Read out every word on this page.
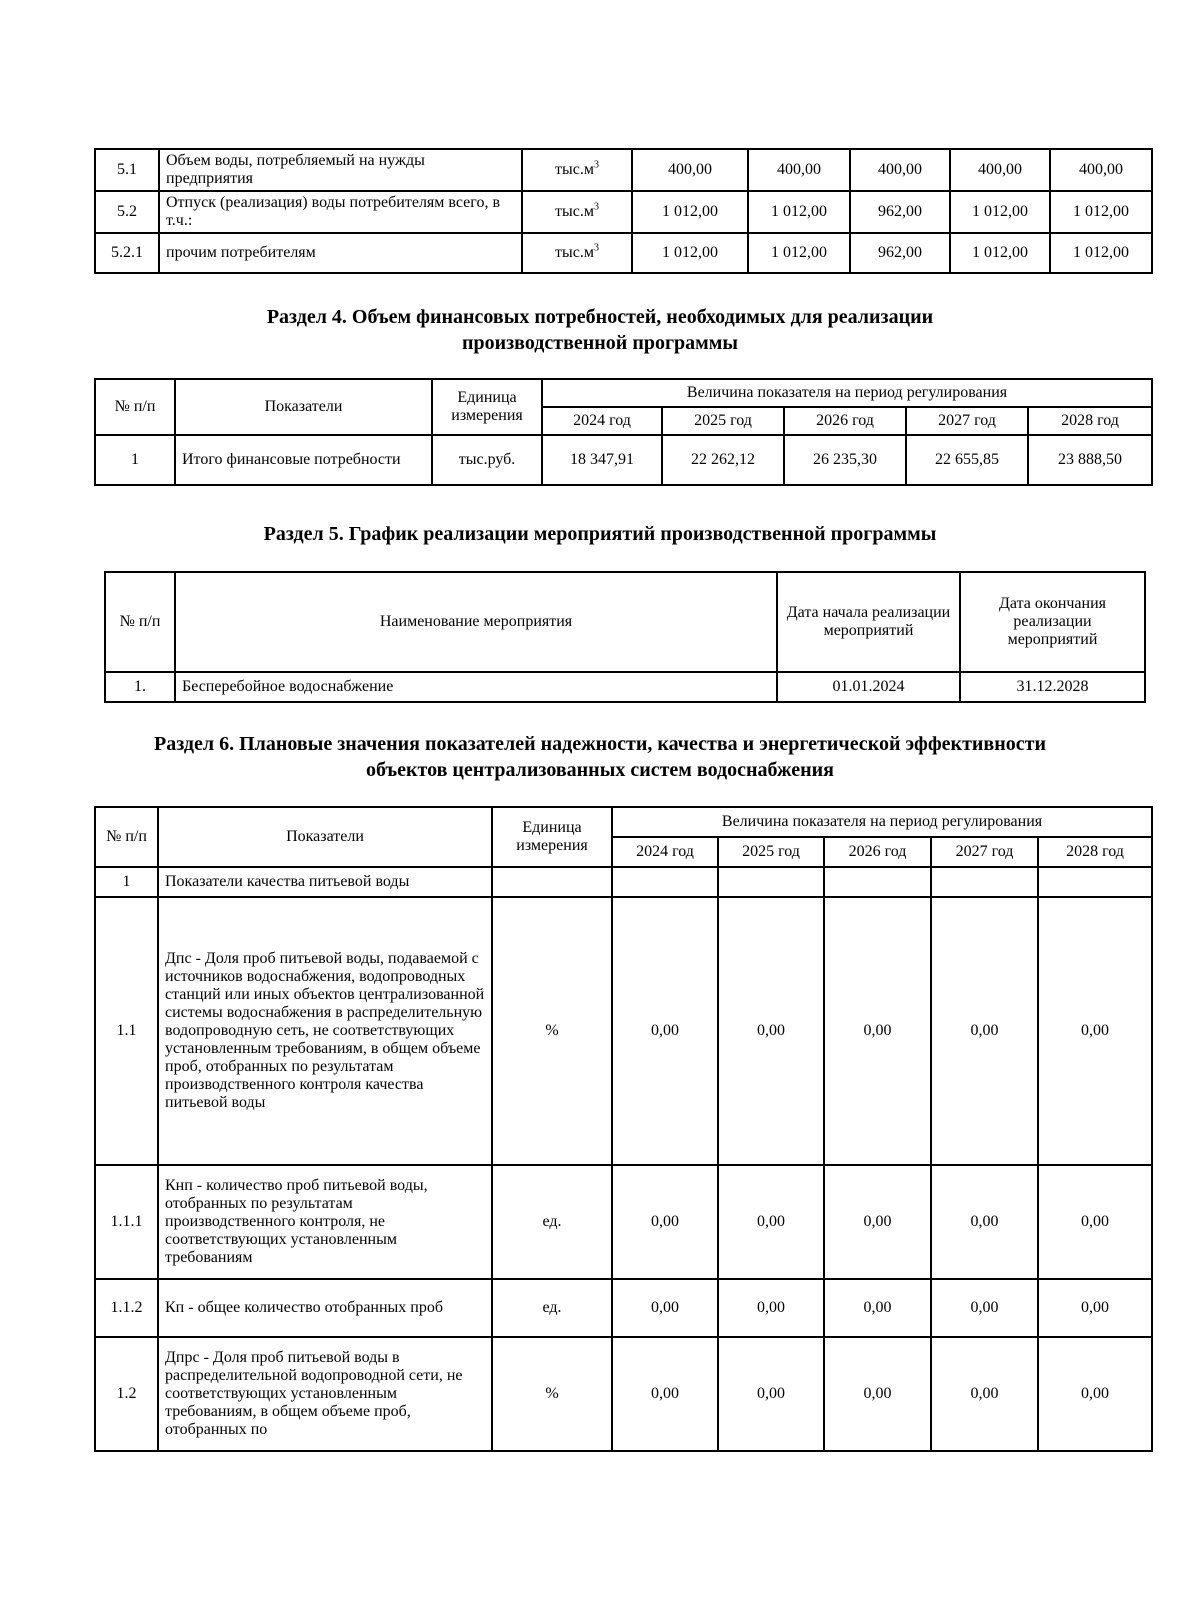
5.1	Объем воды, потребляемый на нужды предприятия	$тыс.м^3$	400,00	400,00	400,00	400,00	400,00
5.2	Отпуск (реализация) воды потребителям всего, в т.ч.:	$тыс.м^3$	1 012,00	1 012,00	962,00	1 012,00	1 012,00
5.2.1	прочим потребителям	$тыс.м^3$	1 012,00	1 012,00	962,00	1 012,00	1 012,00
Раздел 4. Объем финансовых потребностей, необходимых для реализации производственной программы
№ п/п	Показатели	Единица измерения	Величина показателя на период регулирования				
			2024 год	2025 год	2026 год	2027 год	2028 год
1	Итого финансовые потребности	тыс.руб.	18 347,91	22 262,12	26 235,30	22 655,85	23 888,50
Раздел 5. График реализации мероприятий производственной программы
№ п/п	Наименование мероприятия	Дата начала реализации мероприятий	Дата окончания реализации мероприятий
1.	Бесперебойное водоснабжение	01.01.2024	31.12.2028
Раздел 6. Плановые значения показателей надежности, качества и энергетической эффективности объектов централизованных систем водоснабжения
№ п/п	Показатели	Единица измерения	Величина показателя на период регулирования				
			2024 год	2025 год	2026 год	2027 год	2028 год
1	Показатели качества питьевой воды						
1.1	Дпс - Доля проб питьевой воды, подаваемой с источников водоснабжения, водопроводных станций или иных объектов централизованной системы водоснабжения в распределительную водопроводную сеть, не соответствующих установленным требованиям, в общем объеме проб, отобранных по результатам производственного контроля качества питьевой воды	%	0,00	0,00	0,00	0,00	0,00
1.1.1	Кнп - количество проб питьевой воды, отобранных по результатам производственного контроля, не соответствующих установленным требованиям	ед.	0,00	0,00	0,00	0,00	0,00
1.1.2	Кп - общее количество отобранных проб	ед.	0,00	0,00	0,00	0,00	0,00
1.2	Дпрс - Доля проб питьевой воды в распределительной водопроводной сети, не соответствующих установленным требованиям, в общем объеме проб, отобранных по	%	0,00	0,00	0,00	0,00	0,00
